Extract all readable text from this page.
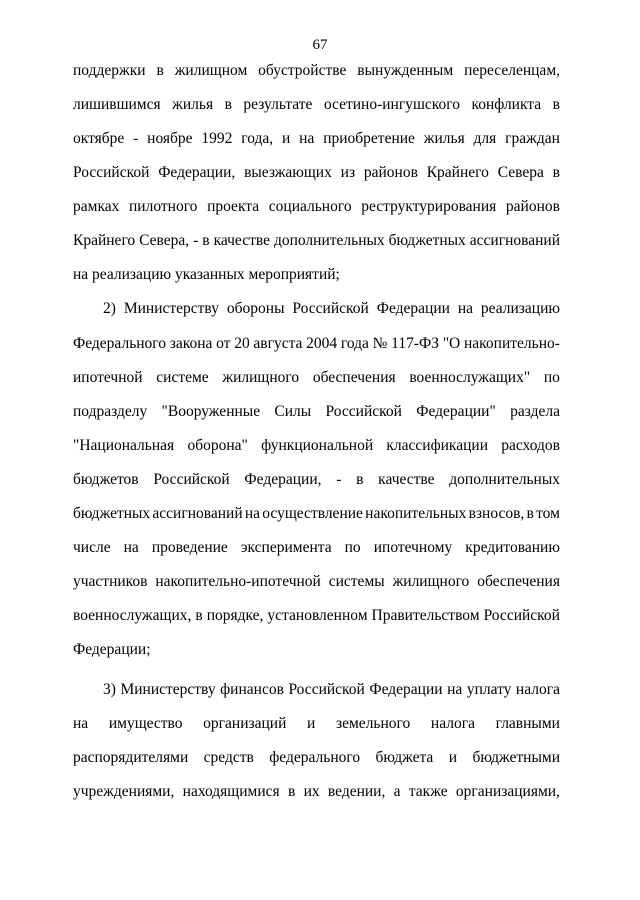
67
поддержки в жилищном обустройстве вынужденным переселенцам,
лишившимся жилья в результате осетино-ингушского конфликта в
октябре - ноябре 1992 года, и на приобретение жилья для граждан
Российской Федерации, выезжающих из районов Крайнего Севера в
рамках пилотного проекта социального реструктурирования районов
Крайнего Севера, - в качестве дополнительных бюджетных ассигнований
на реализацию указанных мероприятий;
2) Министерству обороны Российской Федерации на реализацию
Федерального закона от 20 августа 2004 года № 117-ФЗ "О накопительно-
ипотечной системе жилищного обеспечения военнослужащих" по
подразделу "Вооруженные Силы Российской Федерации" раздела
"Национальная оборона" функциональной классификации расходов
бюджетов Российской Федерации, - в качестве дополнительных
бюджетных ассигнований на осуществление накопительных взносов, в том
числе на проведение эксперимента по ипотечному кредитованию
участников накопительно-ипотечной системы жилищного обеспечения
военнослужащих, в порядке, установленном Правительством Российской
Федерации;
3) Министерству финансов Российской Федерации на уплату налога
на имущество организаций и земельного налога главными
распорядителями средств федерального бюджета и бюджетными
учреждениями, находящимися в их ведении, а также организациями,
